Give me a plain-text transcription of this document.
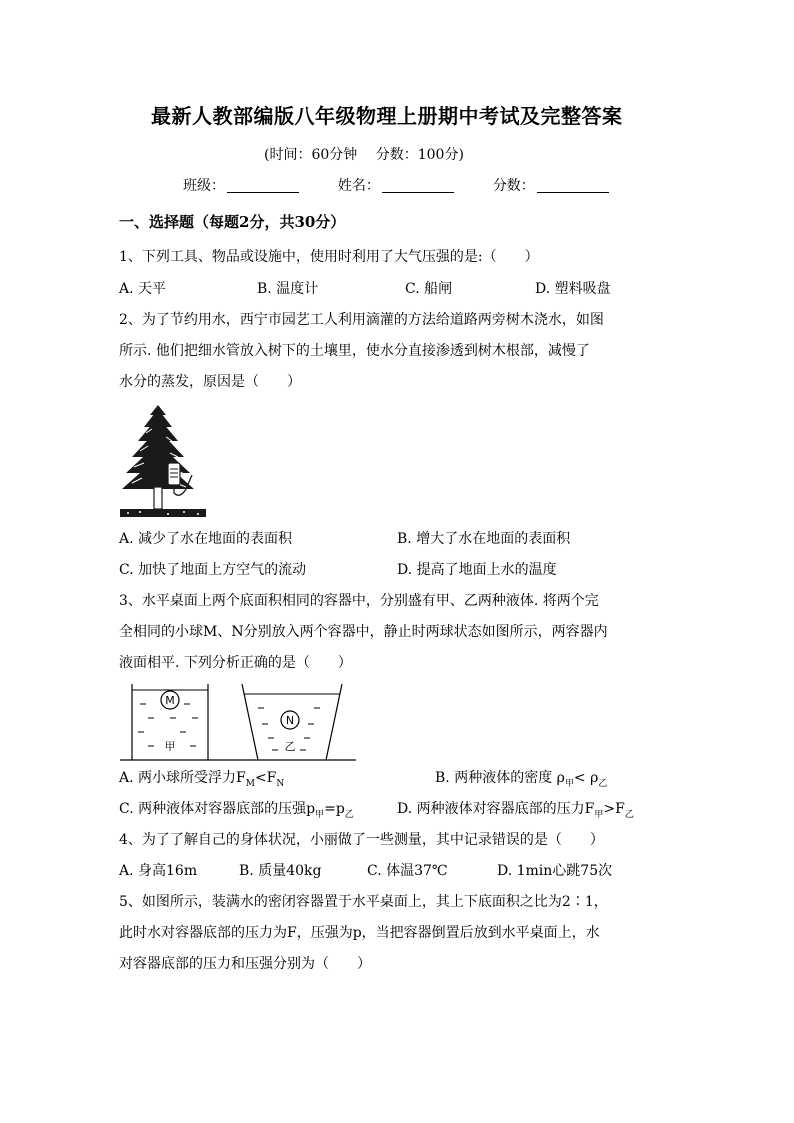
最新人教部编版八年级物理上册期中考试及完整答案
(时间：60分钟　 分数：100分)
班级：	姓名：	分数：
一、选择题（每题2分，共30分）
1、下列工具、物品或设施中，使用时利用了大气压强的是:（　　）
A. 天平	B. 温度计	C. 船闸	D. 塑料吸盘
2、为了节约用水，西宁市园艺工人利用滴灌的方法给道路两旁树木浇水，如图
所示. 他们把细水管放入树下的土壤里，使水分直接渗透到树木根部，减慢了
水分的蒸发，原因是（　　）
A. 减少了水在地面的表面积	B. 增大了水在地面的表面积
C. 加快了地面上方空气的流动	D. 提高了地面上水的温度
3、水平桌面上两个底面积相同的容器中，分别盛有甲、乙两种液体. 将两个完
全相同的小球M、N分别放入两个容器中，静止时两球状态如图所示，两容器内
液面相平. 下列分析正确的是（　　）
M
甲
N
乙
A. 两小球所受浮力$F_M<F_N$	B. 两种液体的密度 $\rho_甲< \rho_乙$
C. 两种液体对容器底部的压强$p_甲=p_乙$	D. 两种液体对容器底部的压力$F_甲>F_乙$
4、为了了解自己的身体状况，小丽做了一些测量，其中记录错误的是（　　）
A. 身高16m	B. 质量40kg	C. 体温37℃	D. 1min心跳75次
5、如图所示，装满水的密闭容器置于水平桌面上，其上下底面积之比为2∶1，
此时水对容器底部的压力为F，压强为p，当把容器倒置后放到水平桌面上，水
对容器底部的压力和压强分别为（　　）
